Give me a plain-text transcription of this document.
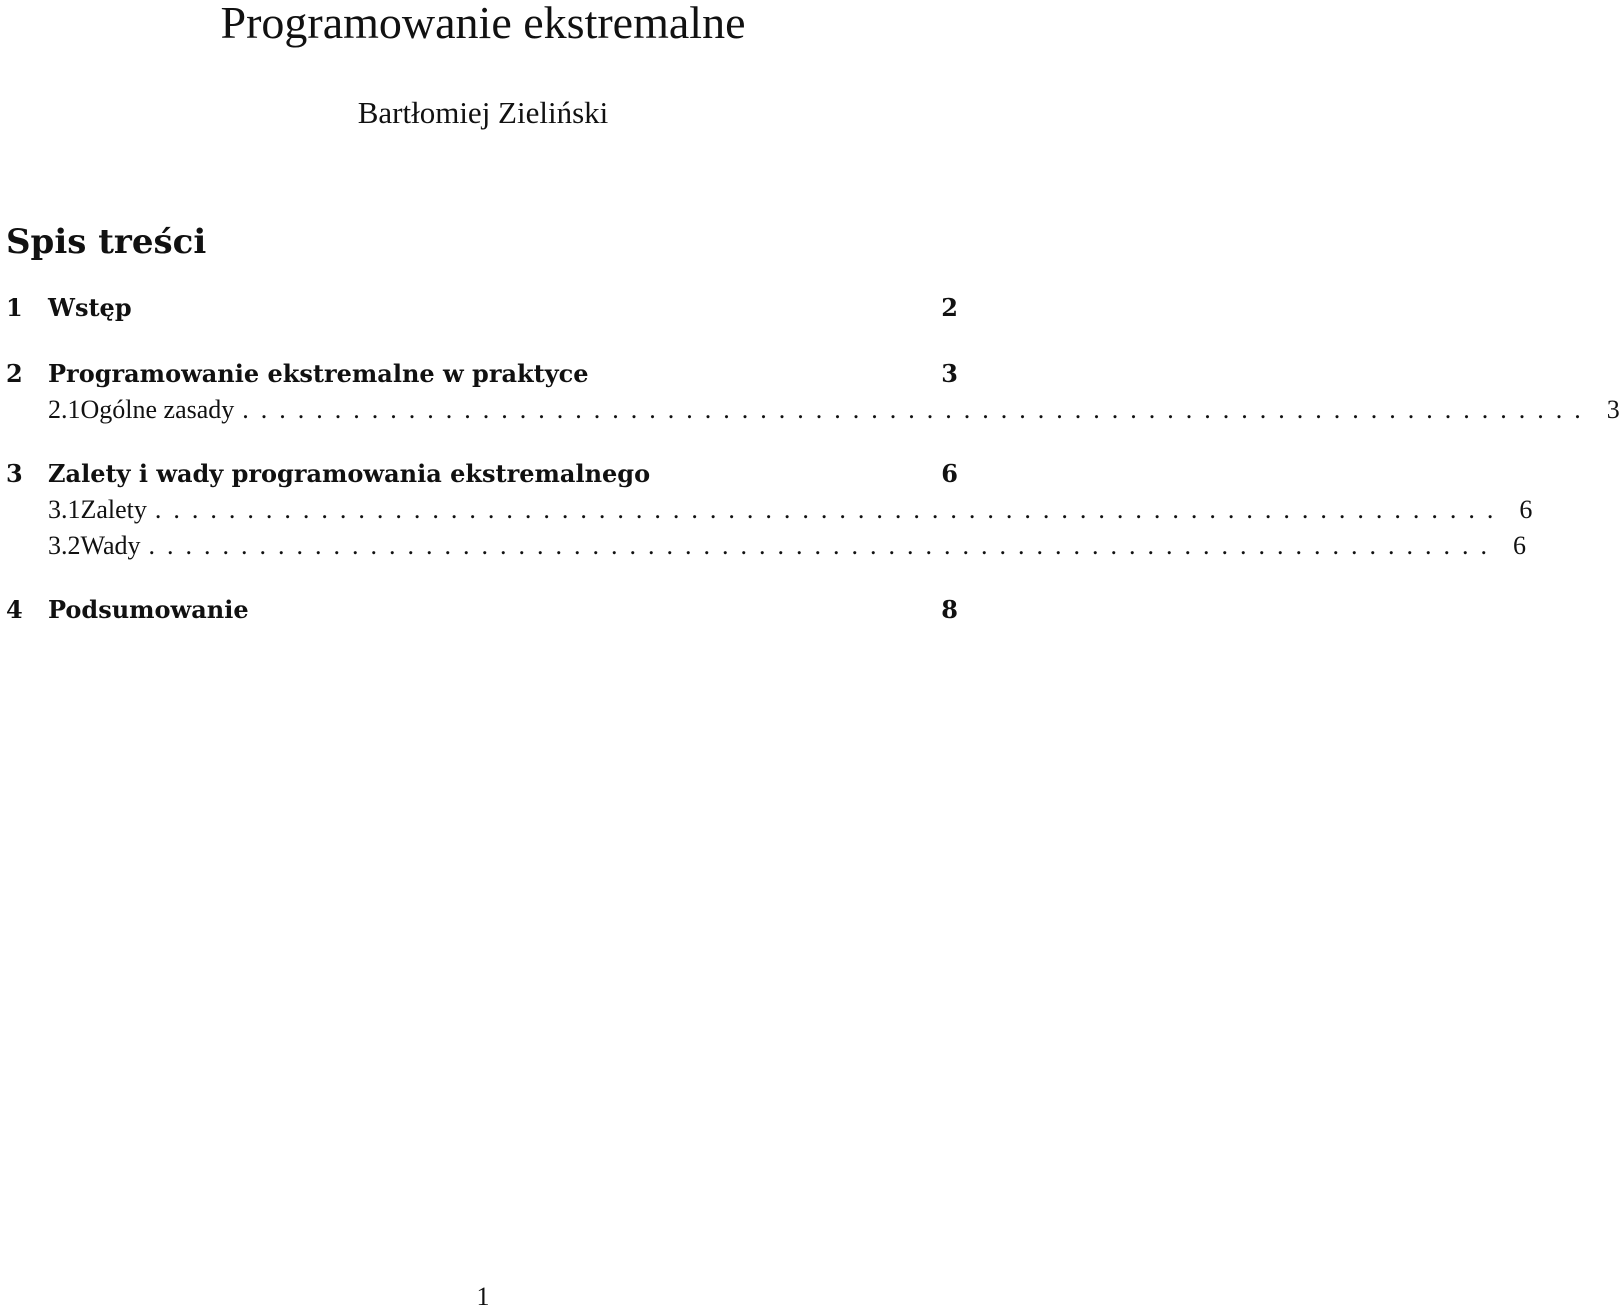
Programowanie ekstremalne
Bartłomiej Zieliński
Spis treści
1	Wstęp	2
2	Programowanie ekstremalne w praktyce	3
2.1 Ogólne zasady ......................................................................... 3
3	Zalety i wady programowania ekstremalnego	6
3.1 Zalety ......................................................................... 6
3.2 Wady ......................................................................... 6
4	Podsumowanie	8
1
